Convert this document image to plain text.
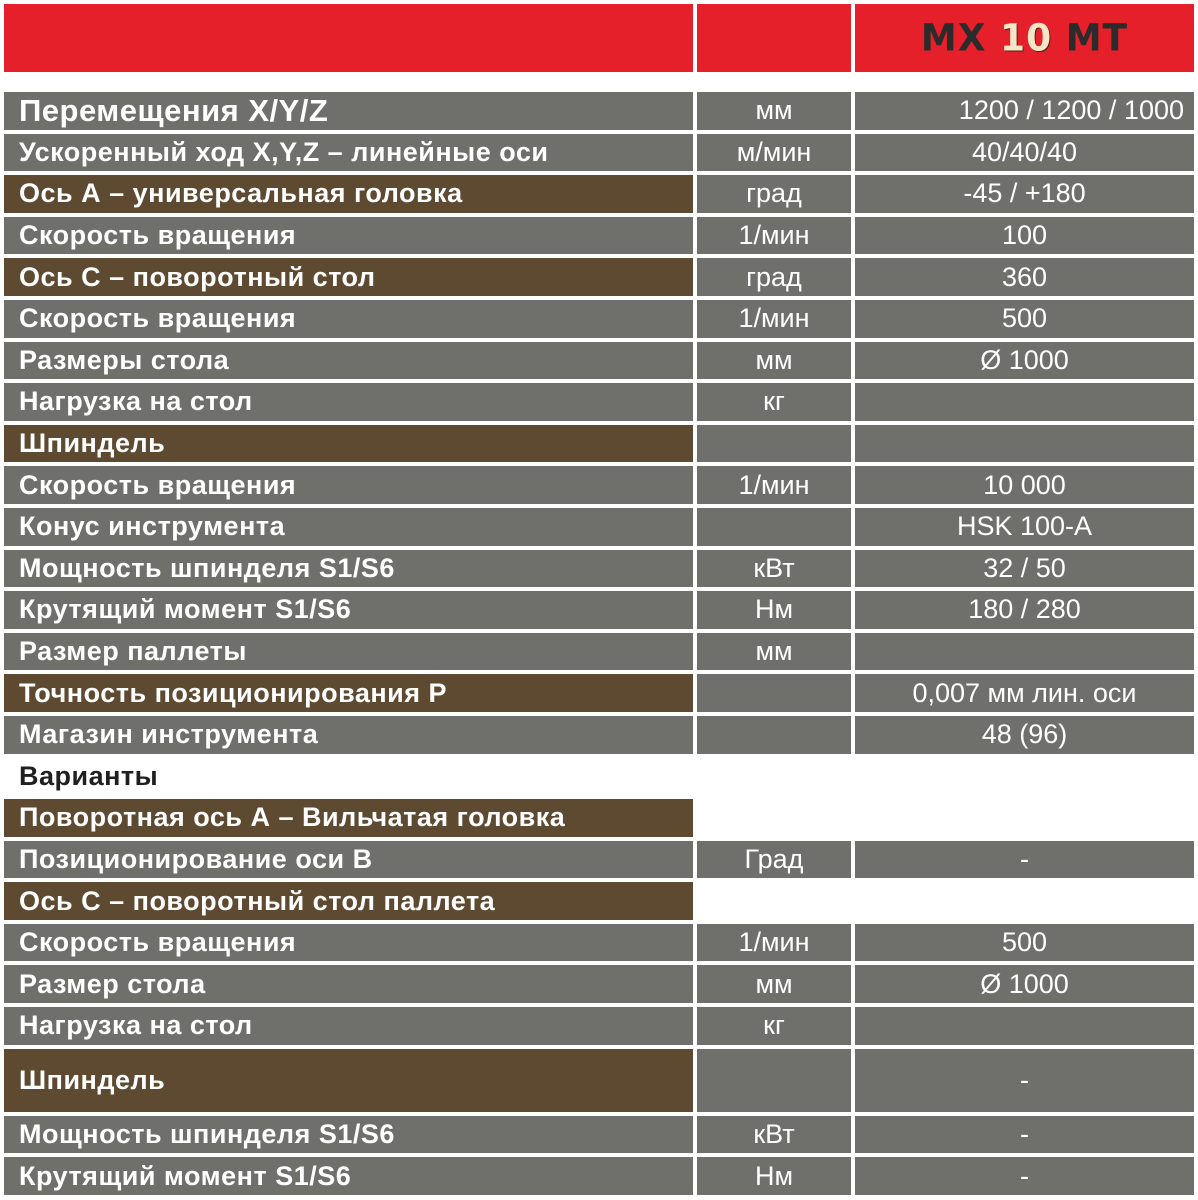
MX 10 MT
Перемещения X/Y/Z	мм	1200 / 1200 / 1000
Ускоренный ход X,Y,Z – линейные оси	м/мин	40/40/40
Ось А – универсальная головка	град	-45 / +180
Скорость вращения	1/мин	100
Ось С – поворотный стол	град	360
Скорость вращения	1/мин	500
Размеры стола	мм	Ø 1000
Нагрузка на стол	кг	
Шпиндель		
Скорость вращения	1/мин	10 000
Конус инструмента		HSK 100-A
Мощность шпинделя S1/S6	кВт	32 / 50
Крутящий момент S1/S6	Нм	180 / 280
Размер паллеты	мм	
Точность позиционирования Р		0,007 мм лин. оси
Магазин инструмента		48 (96)
Варианты		
Поворотная ось А – Вильчатая головка		
Позиционирование оси В	Град	-
Ось С – поворотный стол паллета		
Скорость вращения	1/мин	500
Размер стола	мм	Ø 1000
Нагрузка на стол	кг	
Шпиндель		-
Мощность шпинделя S1/S6	кВт	-
Крутящий момент S1/S6	Нм	-
